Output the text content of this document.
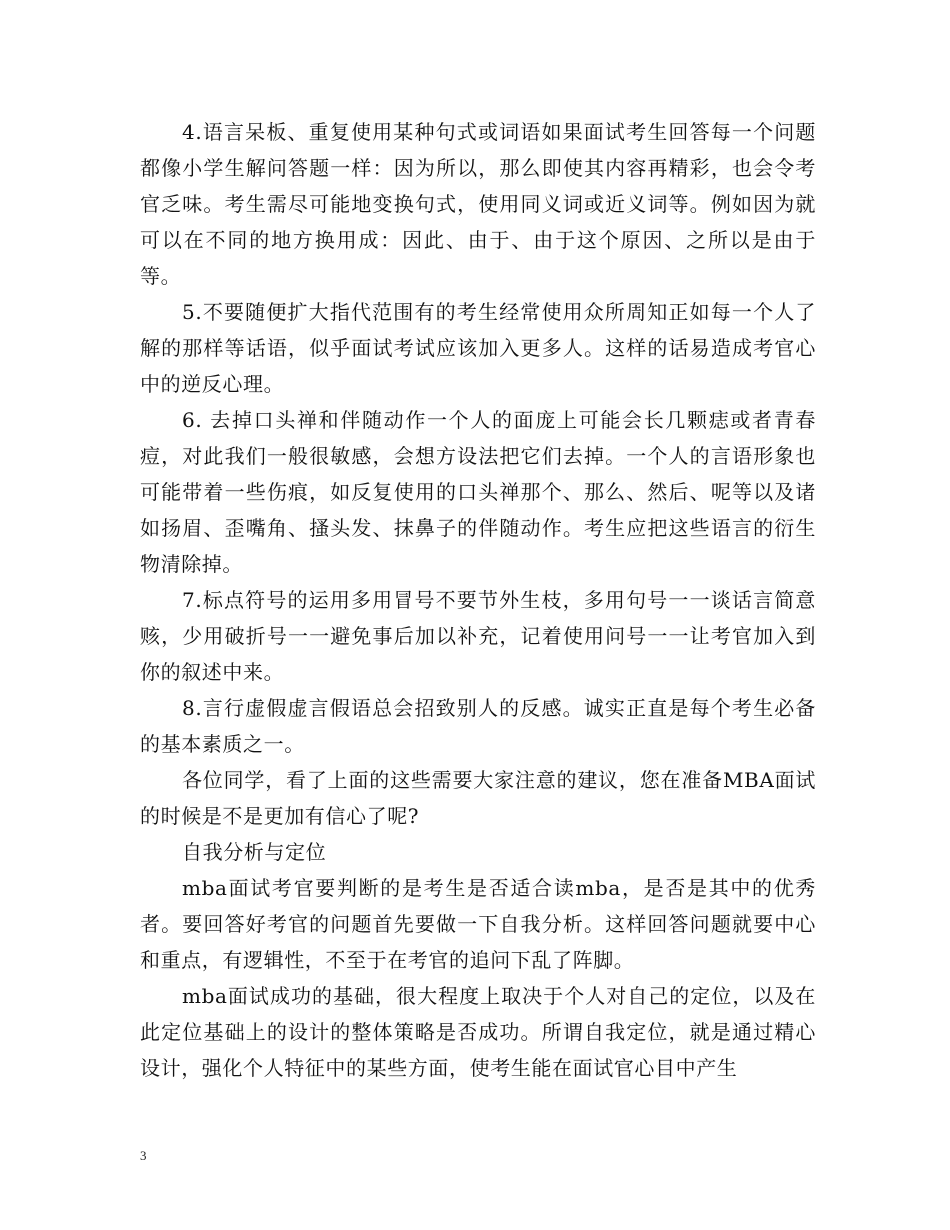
4.语言呆板、重复使用某种句式或词语如果面试考生回答每一个问题都像小学生解问答题一样：因为所以，那么即使其内容再精彩，也会令考官乏味。考生需尽可能地变换句式，使用同义词或近义词等。例如因为就可以在不同的地方换用成：因此、由于、由于这个原因、之所以是由于 等。

5.不要随便扩大指代范围有的考生经常使用众所周知正如每一个人了解的那样等话语，似乎面试考试应该加入更多人。这样的话易造成考官心中的逆反心理。

6. 去掉口头禅和伴随动作一个人的面庞上可能会长几颗痣或者青春痘，对此我们一般很敏感，会想方设法把它们去掉。一个人的言语形象也可能带着一些伤痕，如反复使用的口头禅那个、那么、然后、呢等以及诸如扬眉、歪嘴角、搔头发、抹鼻子的伴随动作。考生应把这些语言的衍生物清除掉。

7.标点符号的运用多用冒号不要节外生枝，多用句号一一谈话言简意赅，少用破折号一一避免事后加以补充，记着使用问号一一让考官加入到你的叙述中来。

8.言行虚假虚言假语总会招致别人的反感。诚实正直是每个考生必备的基本素质之一。

各位同学，看了上面的这些需要大家注意的建议，您在准备MBA面试的时候是不是更加有信心了呢?

自我分析与定位

mba面试考官要判断的是考生是否适合读mba，是否是其中的优秀者。要回答好考官的问题首先要做一下自我分析。这样回答问题就要中心和重点，有逻辑性，不至于在考官的追问下乱了阵脚。

mba面试成功的基础，很大程度上取决于个人对自己的定位，以及在此定位基础上的设计的整体策略是否成功。所谓自我定位，就是通过精心设计，强化个人特征中的某些方面，使考生能在面试官心目中产生

3
